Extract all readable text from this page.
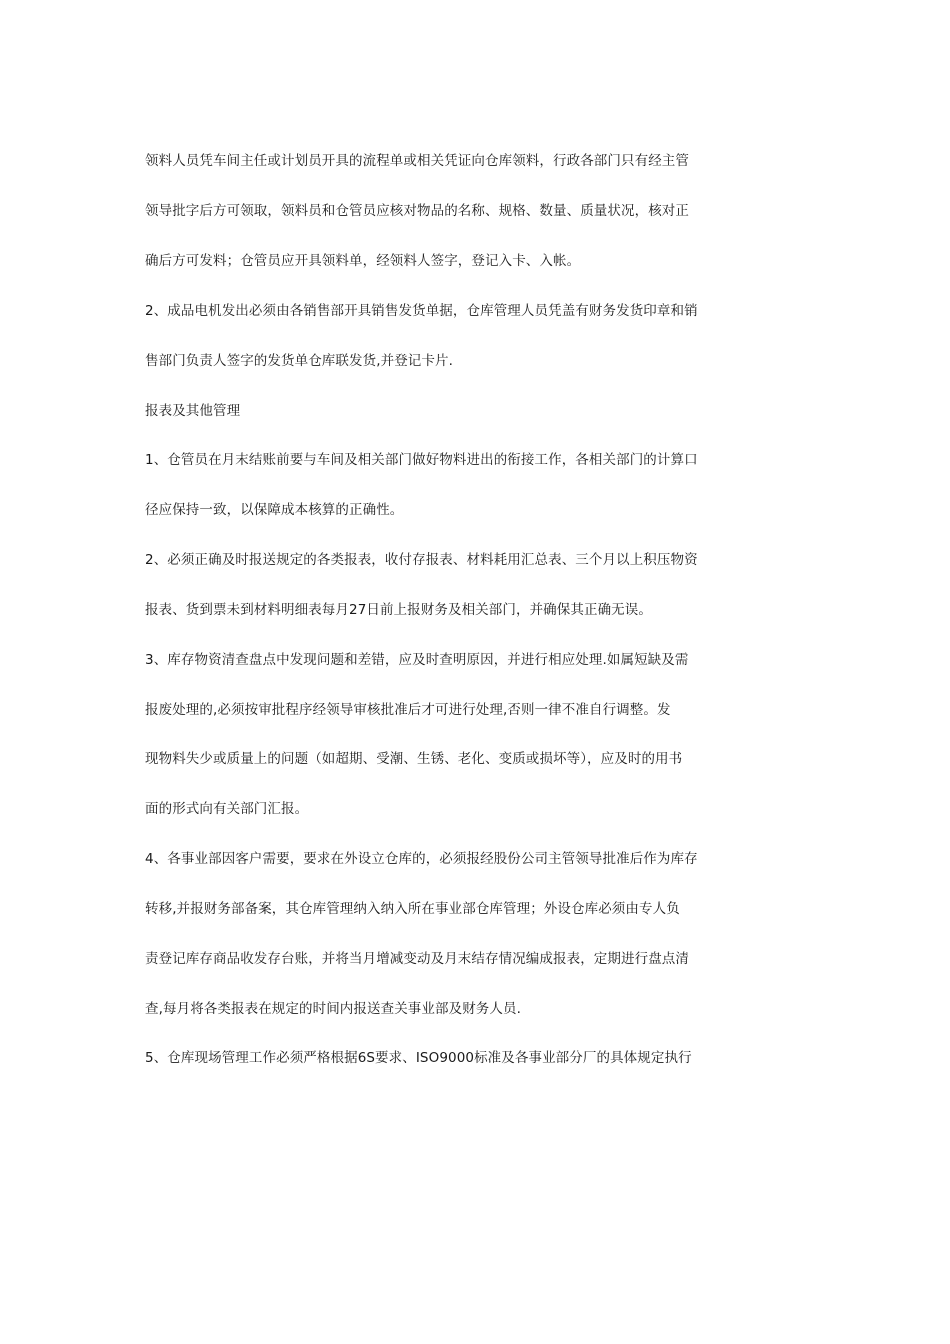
领料人员凭车间主任或计划员开具的流程单或相关凭证向仓库领料，行政各部门只有经主管
领导批字后方可领取，领料员和仓管员应核对物品的名称、规格、数量、质量状况，核对正
确后方可发料；仓管员应开具领料单，经领料人签字，登记入卡、入帐。
2、成品电机发出必须由各销售部开具销售发货单据，仓库管理人员凭盖有财务发货印章和销
售部门负责人签字的发货单仓库联发货,并登记卡片.
报表及其他管理
1、仓管员在月末结账前要与车间及相关部门做好物料进出的衔接工作，各相关部门的计算口
径应保持一致，以保障成本核算的正确性。
2、必须正确及时报送规定的各类报表，收付存报表、材料耗用汇总表、三个月以上积压物资
报表、货到票未到材料明细表每月27日前上报财务及相关部门，并确保其正确无误。
3、库存物资清查盘点中发现问题和差错，应及时查明原因，并进行相应处理.如属短缺及需
报废处理的,必须按审批程序经领导审核批准后才可进行处理,否则一律不准自行调整。发
现物料失少或质量上的问题（如超期、受潮、生锈、老化、变质或损坏等），应及时的用书
面的形式向有关部门汇报。
4、各事业部因客户需要，要求在外设立仓库的，必须报经股份公司主管领导批准后作为库存
转移,并报财务部备案，其仓库管理纳入纳入所在事业部仓库管理；外设仓库必须由专人负
责登记库存商品收发存台账，并将当月增减变动及月末结存情况编成报表，定期进行盘点清
查,每月将各类报表在规定的时间内报送查关事业部及财务人员.
5、仓库现场管理工作必须严格根据6S要求、ISO9000标准及各事业部分厂的具体规定执行
